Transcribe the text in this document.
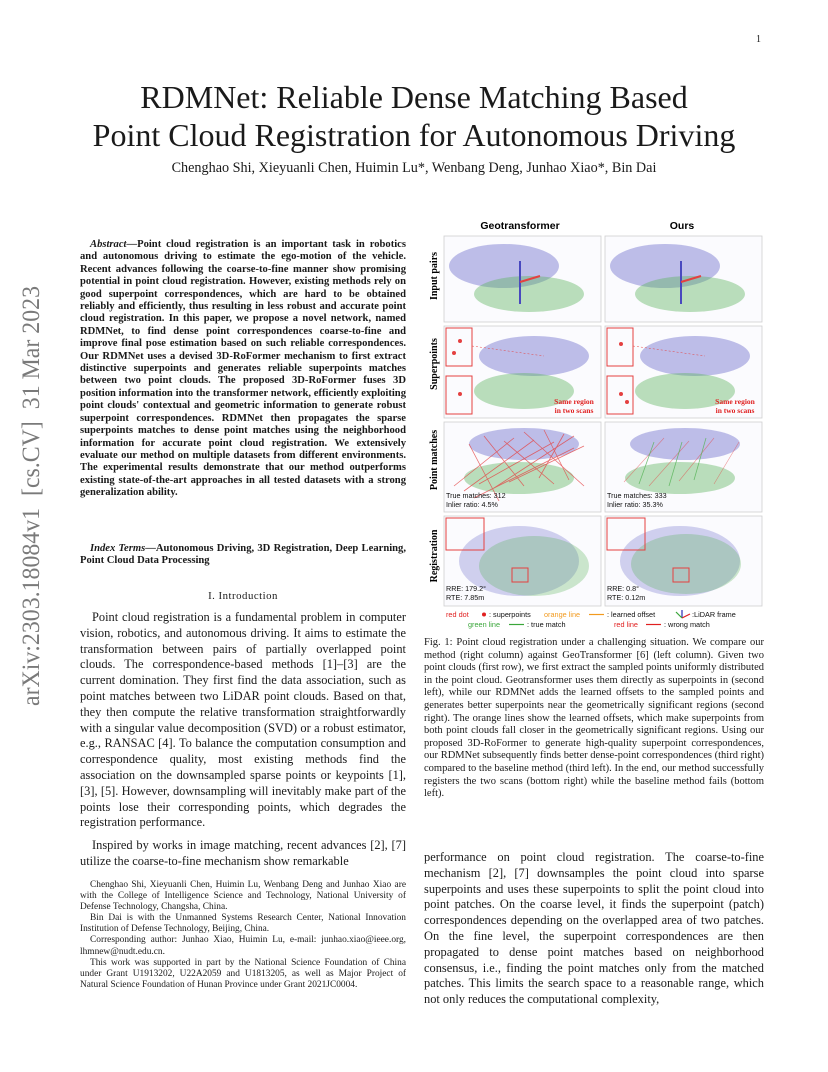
1
RDMNet: Reliable Dense Matching Based
Point Cloud Registration for Autonomous Driving
Chenghao Shi, Xieyuanli Chen, Huimin Lu*, Wenbang Deng, Junhao Xiao*, Bin Dai
arXiv:2303.18084v1  [cs.CV]  31 Mar 2023

Abstract—Point cloud registration is an important task in robotics and autonomous driving to estimate the ego-motion of the vehicle. Recent advances following the coarse-to-fine manner show promising potential in point cloud registration. However, existing methods rely on good superpoint correspondences, which are hard to be obtained reliably and efficiently, thus resulting in less robust and accurate point cloud registration. In this paper, we propose a novel network, named RDMNet, to find dense point correspondences coarse-to-fine and improve final pose estimation based on such reliable correspondences. Our RDMNet uses a devised 3D-RoFormer mechanism to first extract distinctive superpoints and generates reliable superpoints matches between two point clouds. The proposed 3D-RoFormer fuses 3D position information into the transformer network, efficiently exploiting point clouds' contextual and geometric information to generate robust superpoint correspondences. RDMNet then propagates the sparse superpoints matches to dense point matches using the neighborhood information for accurate point cloud registration. We extensively evaluate our method on multiple datasets from different environments. The experimental results demonstrate that our method outperforms existing state-of-the-art approaches in all tested datasets with a strong generalization ability.

Index Terms—Autonomous Driving, 3D Registration, Deep Learning, Point Cloud Data Processing

I. Introduction

Point cloud registration is a fundamental problem in computer vision, robotics, and autonomous driving. It aims to estimate the transformation between pairs of partially overlapped point clouds. The correspondence-based methods [1]–[3] are the current domination. They first find the data association, such as point matches between two LiDAR point clouds. Based on that, they then compute the relative transformation straightforwardly with a singular value decomposition (SVD) or a robust estimator, e.g., RANSAC [4]. To balance the computation consumption and correspondence quality, most existing methods find the association on the downsampled sparse points or keypoints [1], [3], [5]. However, downsampling will inevitably make part of the points lose their corresponding points, which degrades the registration performance.

Inspired by works in image matching, recent advances [2], [7] utilize the coarse-to-fine mechanism show remarkable

Chenghao Shi, Xieyuanli Chen, Huimin Lu, Wenbang Deng and Junhao Xiao are with the College of Intelligence Science and Technology, National University of Defense Technology, Changsha, China.

Bin Dai is with the Unmanned Systems Research Center, National Innovation Institution of Defense Technology, Beijing, China.

Corresponding author: Junhao Xiao, Huimin Lu, e-mail: junhao.xiao@ieee.org, lhmnew@nudt.edu.cn.

This work was supported in part by the National Science Foundation of China under Grant U1913202, U22A2059 and U1813205, as well as Major Project of Natural Science Foundation of Hunan Province under Grant 2021JC0004.

Geotransformer	Ours
Input pairs
Superpoints
Point matches
Registration
Same region
in two scans
Same region
in two scans
True matches: 312
Inlier ratio: 4.5%
True matches: 333
Inlier ratio: 35.3%
RRE: 179.2°
RTE: 7.85m
RRE: 0.8°
RTE: 0.12m
red dot	: superpoints orange line	: learned offset	:LiDAR frame
green line	: true match	red line	: wrong match

Fig. 1: Point cloud registration under a challenging situation. We compare our method (right column) against GeoTransformer [6] (left column). Given two point clouds (first row), we first extract the sampled points uniformly distributed in the point cloud. Geotransformer uses them directly as superpoints in (second left), while our RDMNet adds the learned offsets to the sampled points and generates better superpoints near the geometrically significant regions (second right). The orange lines show the learned offsets, which make superpoints from both point clouds fall closer in the geometrically significant regions. Using our proposed 3D-RoFormer to generate high-quality superpoint correspondences, our RDMNet subsequently finds better dense-point correspondences (third right) compared to the baseline method (third left). In the end, our method successfully registers the two scans (bottom right) while the baseline method fails (bottom left).

performance on point cloud registration. The coarse-to-fine mechanism [2], [7] downsamples the point cloud into sparse superpoints and uses these superpoints to split the point cloud into point patches. On the coarse level, it finds the superpoint (patch) correspondences depending on the overlapped area of two patches. On the fine level, the superpoint correspondences are then propagated to dense point matches based on neighborhood consensus, i.e., finding the point matches only from the matched patches. This limits the search space to a reasonable range, which not only reduces the computational complexity,
